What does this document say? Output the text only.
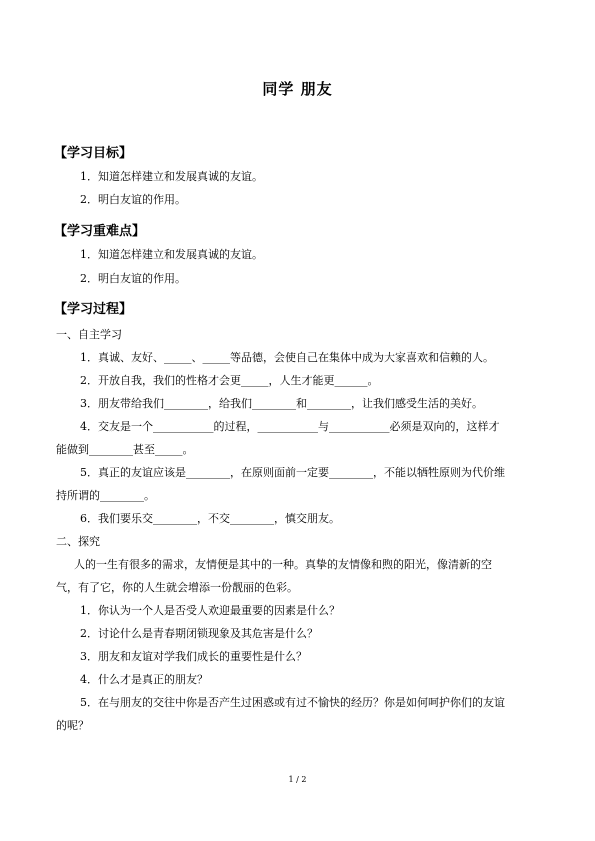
同学 朋友
【学习目标】
1．知道怎样建立和发展真诚的友谊。
2．明白友谊的作用。
【学习重难点】
1．知道怎样建立和发展真诚的友谊。
2．明白友谊的作用。
【学习过程】
一、自主学习
1．真诚、友好、_____、_____等品德，会使自己在集体中成为大家喜欢和信赖的人。
2．开放自我，我们的性格才会更_____，人生才能更______。
3．朋友带给我们________，给我们________和________，让我们感受生活的美好。
4．交友是一个___________的过程，___________与___________必须是双向的，这样才
能做到________甚至_____。
5．真正的友谊应该是________，在原则面前一定要________，不能以牺牲原则为代价维
持所谓的________。
6．我们要乐交________，不交________，慎交朋友。
二、探究
人的一生有很多的需求，友情便是其中的一种。真挚的友情像和煦的阳光，像清新的空
气，有了它，你的人生就会增添一份靓丽的色彩。
1．你认为一个人是否受人欢迎最重要的因素是什么？
2．讨论什么是青春期闭锁现象及其危害是什么？
3．朋友和友谊对学我们成长的重要性是什么？
4．什么才是真正的朋友？
5．在与朋友的交往中你是否产生过困惑或有过不愉快的经历？你是如何呵护你们的友谊
的呢？
1 / 2
